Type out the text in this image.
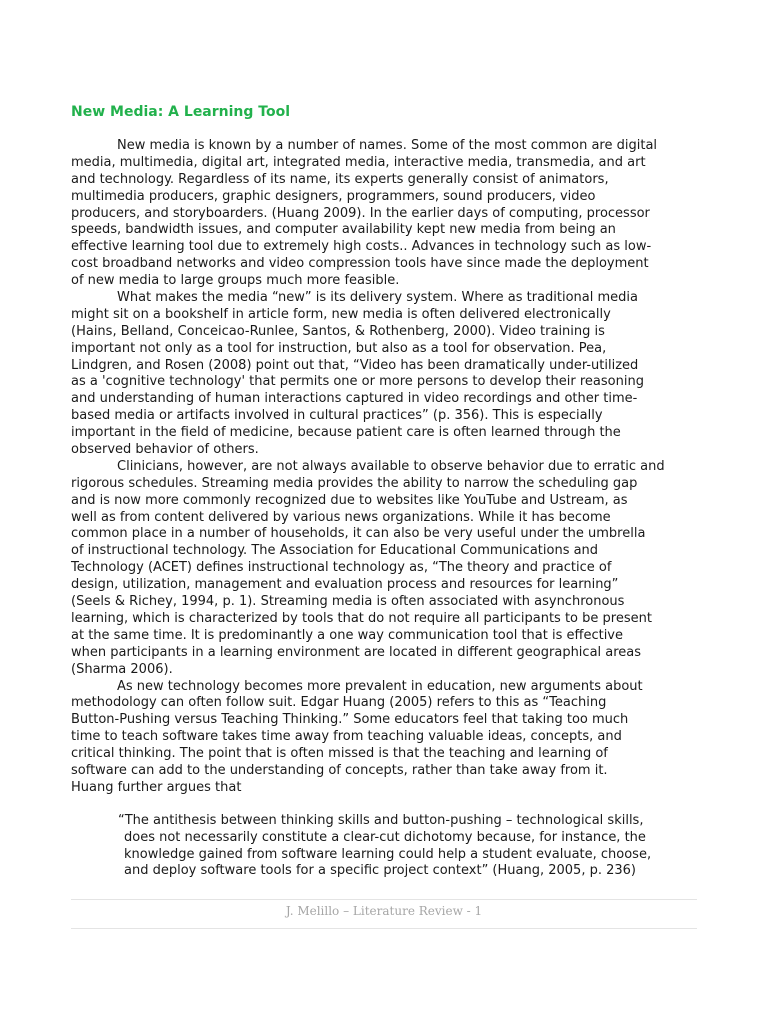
New Media: A Learning Tool

New media is known by a number of names. Some of the most common are digital
media, multimedia, digital art, integrated media, interactive media, transmedia, and art
and technology. Regardless of its name, its experts generally consist of animators,
multimedia producers, graphic designers, programmers, sound producers, video
producers, and storyboarders. (Huang 2009). In the earlier days of computing, processor
speeds, bandwidth issues, and computer availability kept new media from being an
effective learning tool due to extremely high costs.. Advances in technology such as low-
cost broadband networks and video compression tools have since made the deployment
of new media to large groups much more feasible.

What makes the media “new” is its delivery system. Where as traditional media
might sit on a bookshelf in article form, new media is often delivered electronically
(Hains, Belland, Conceicao-Runlee, Santos, & Rothenberg, 2000). Video training is
important not only as a tool for instruction, but also as a tool for observation. Pea,
Lindgren, and Rosen (2008) point out that, “Video has been dramatically under-utilized
as a 'cognitive technology' that permits one or more persons to develop their reasoning
and understanding of human interactions captured in video recordings and other time-
based media or artifacts involved in cultural practices” (p. 356). This is especially
important in the field of medicine, because patient care is often learned through the
observed behavior of others.

Clinicians, however, are not always available to observe behavior due to erratic and
rigorous schedules. Streaming media provides the ability to narrow the scheduling gap
and is now more commonly recognized due to websites like YouTube and Ustream, as
well as from content delivered by various news organizations. While it has become
common place in a number of households, it can also be very useful under the umbrella
of instructional technology. The Association for Educational Communications and
Technology (ACET) defines instructional technology as, “The theory and practice of
design, utilization, management and evaluation process and resources for learning”
(Seels & Richey, 1994, p. 1). Streaming media is often associated with asynchronous
learning, which is characterized by tools that do not require all participants to be present
at the same time. It is predominantly a one way communication tool that is effective
when participants in a learning environment are located in different geographical areas
(Sharma 2006).

As new technology becomes more prevalent in education, new arguments about
methodology can often follow suit. Edgar Huang (2005) refers to this as “Teaching
Button-Pushing versus Teaching Thinking.” Some educators feel that taking too much
time to teach software takes time away from teaching valuable ideas, concepts, and
critical thinking. The point that is often missed is that the teaching and learning of
software can add to the understanding of concepts, rather than take away from it.
Huang further argues that

“The antithesis between thinking skills and button-pushing – technological skills,
does not necessarily constitute a clear-cut dichotomy because, for instance, the
knowledge gained from software learning could help a student evaluate, choose,
and deploy software tools for a specific project context” (Huang, 2005, p. 236)
J. Melillo – Literature Review - 1
